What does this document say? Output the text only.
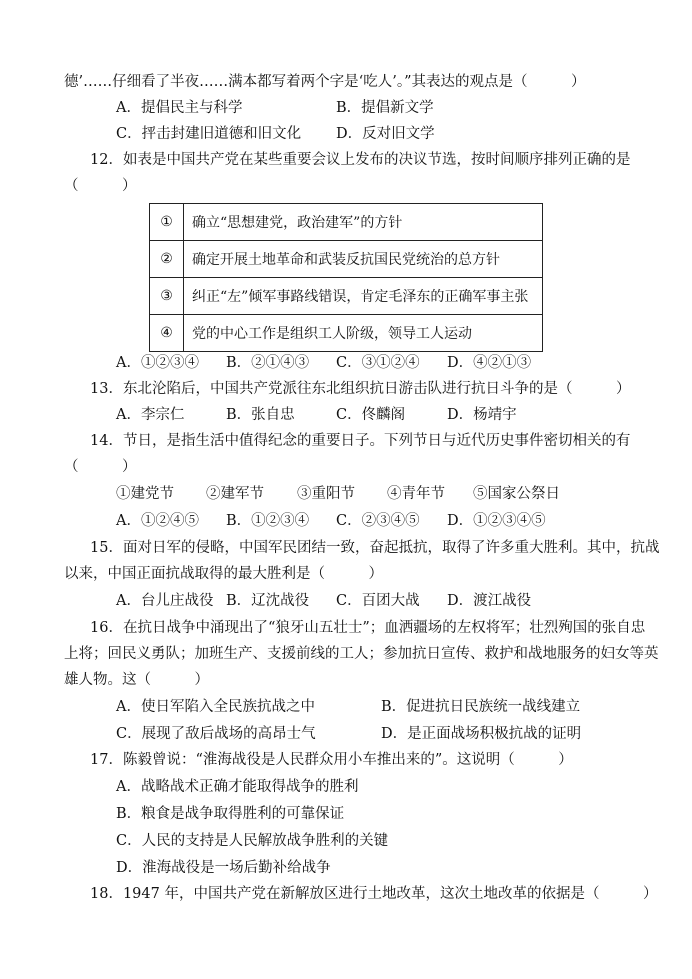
德’……仔细看了半夜……满本都写着两个字是‘吃人’。”其表达的观点是（　　　）
A．提倡民主与科学	B．提倡新文学
C．抨击封建旧道德和旧文化 D．反对旧文学
12．如表是中国共产党在某些重要会议上发布的决议节选，按时间顺序排列正确的是
（　　　）
①	确立“思想建党，政治建军”的方针
②	确定开展土地革命和武装反抗国民党统治的总方针
③	纠正“左”倾军事路线错误，肯定毛泽东的正确军事主张
④	党的中心工作是组织工人阶级，领导工人运动
A．①②③④ B．②①④③ C．③①②④ D．④②①③
13．东北沦陷后，中国共产党派往东北组织抗日游击队进行抗日斗争的是（　　　）
A．李宗仁	B．张自忠	C．佟麟阁	D．杨靖宇
14．节日，是指生活中值得纪念的重要日子。下列节日与近代历史事件密切相关的有
（　　　）
①建党节 ②建军节 ③重阳节 ④青年节 ⑤国家公祭日
A．①②④⑤ B．①②③④ C．②③④⑤ D．①②③④⑤
15．面对日军的侵略，中国军民团结一致，奋起抵抗，取得了许多重大胜利。其中，抗战
以来，中国正面抗战取得的最大胜利是（　　　）
A．台儿庄战役 B．辽沈战役 C．百团大战 D．渡江战役
16．在抗日战争中涌现出了“狼牙山五壮士”；血洒疆场的左权将军；壮烈殉国的张自忠
上将；回民义勇队；加班生产、支援前线的工人；参加抗日宣传、救护和战地服务的妇女等英
雄人物。这（　　　）
A．使日军陷入全民族抗战之中	B．促进抗日民族统一战线建立
C．展现了敌后战场的高昂士气	D．是正面战场积极抗战的证明
17．陈毅曾说：“淮海战役是人民群众用小车推出来的”。这说明（　　　）
A．战略战术正确才能取得战争的胜利
B．粮食是战争取得胜利的可靠保证
C．人民的支持是人民解放战争胜利的关键
D．淮海战役是一场后勤补给战争
18．1947 年，中国共产党在新解放区进行土地改革，这次土地改革的依据是（　　　）
